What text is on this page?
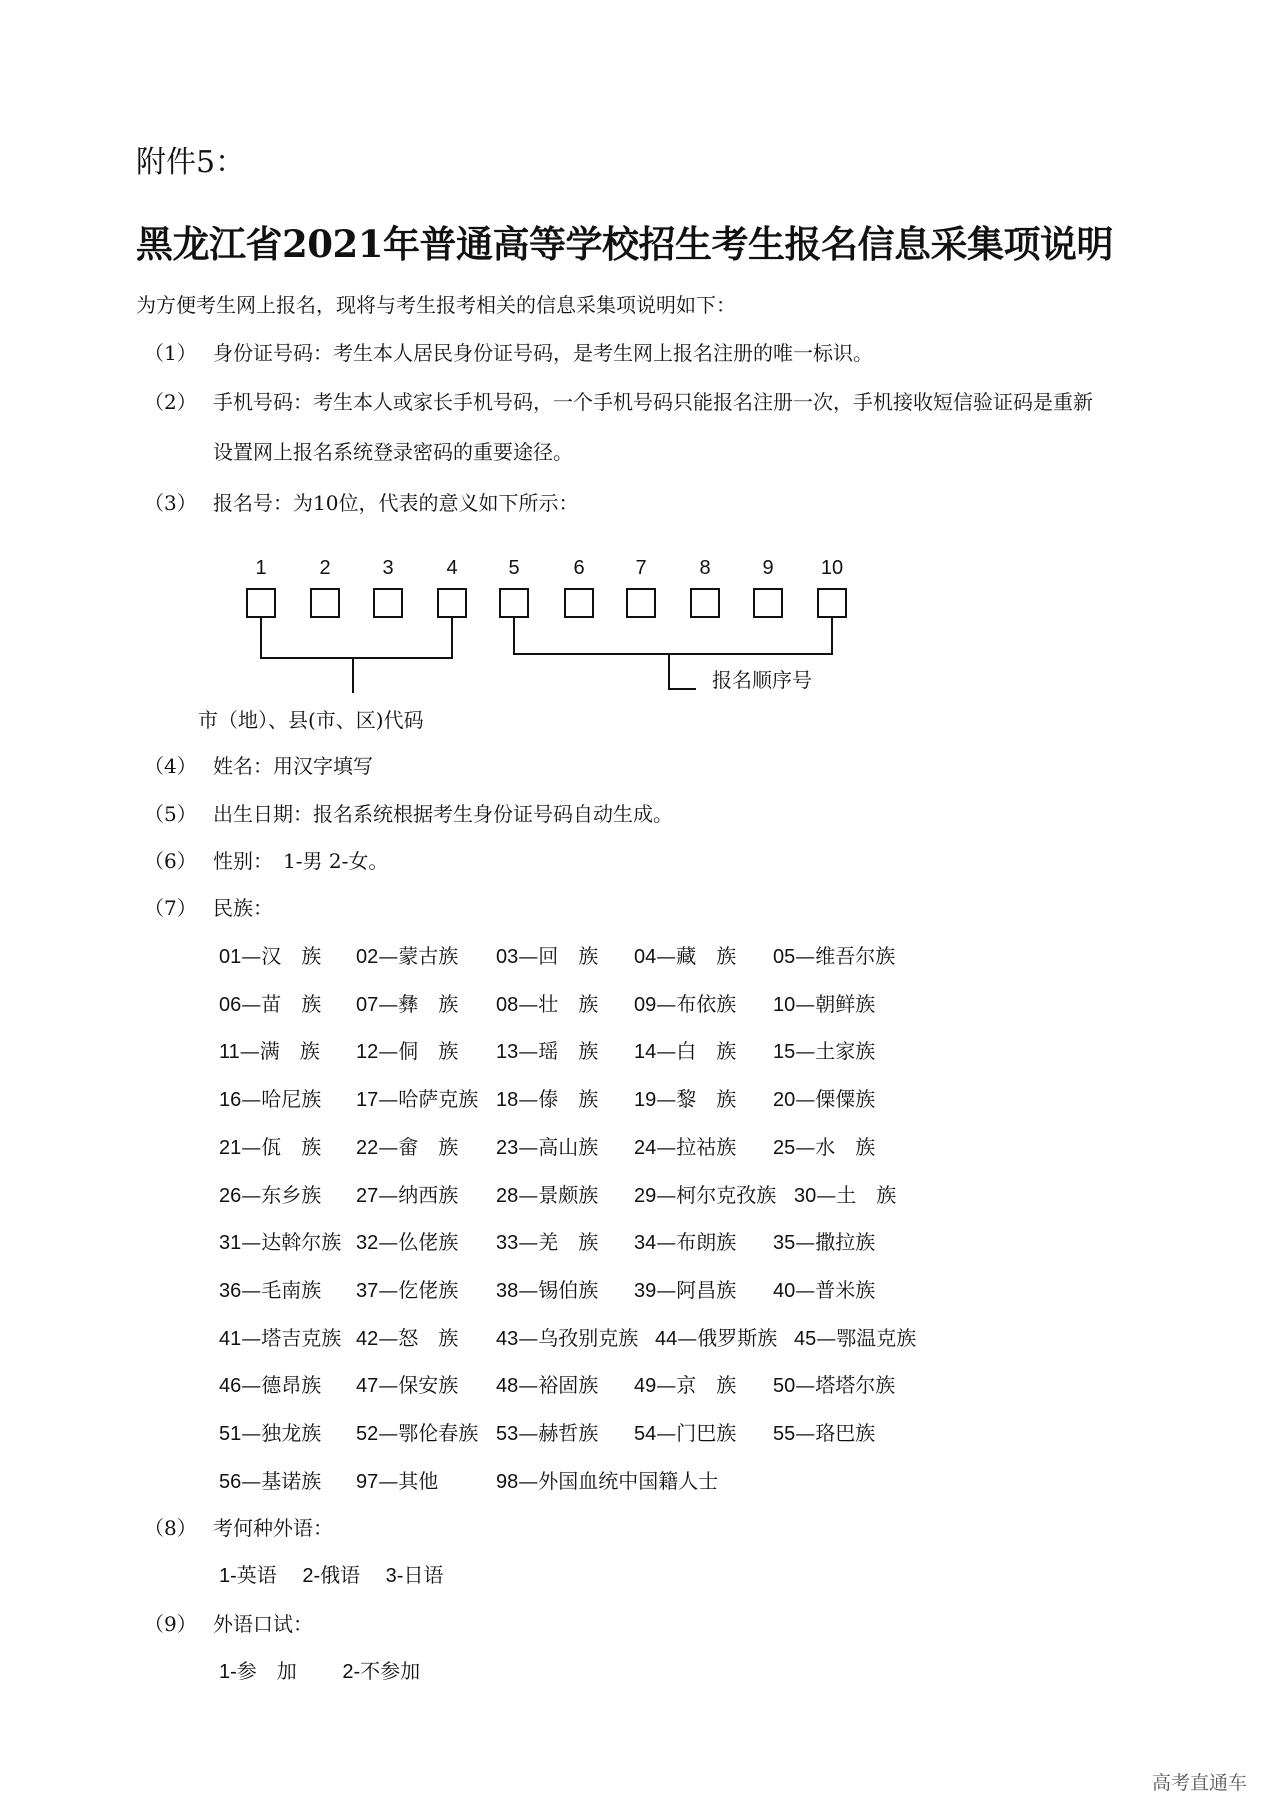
附件5：
黑龙江省2021年普通高等学校招生考生报名信息采集项说明
为方便考生网上报名，现将与考生报考相关的信息采集项说明如下：
（1） 身份证号码：考生本人居民身份证号码，是考生网上报名注册的唯一标识。
（2） 手机号码：考生本人或家长手机号码，一个手机号码只能报名注册一次，手机接收短信验证码是重新
设置网上报名系统登录密码的重要途径。
（3） 报名号：为10位，代表的意义如下所示：
报名顺序号
市（地）、县(市、区)代码
1	2	3	4	5	6	7	8	9	10
（4） 姓名：用汉字填写
（5） 出生日期：报名系统根据考生身份证号码自动生成。
（6） 性别：　1-男 2-女。
（7） 民族：
01—汉　族 02—蒙古族 03—回　族 04—藏　族 05—维吾尔族
06—苗　族 07—彝　族 08—壮　族 09—布依族 10—朝鲜族
11—满　族 12—侗　族 13—瑶　族 14—白　族 15—土家族
16—哈尼族 17—哈萨克族 18—傣　族 19—黎　族 20—傈僳族
21—佤　族 22—畲　族 23—高山族 24—拉祜族 25—水　族
26—东乡族 27—纳西族 28—景颇族 29—柯尔克孜族 30—土　族
31—达斡尔族 32—仫佬族 33—羌　族 34—布朗族 35—撒拉族
36—毛南族 37—仡佬族 38—锡伯族 39—阿昌族 40—普米族
41—塔吉克族 42—怒　族 43—乌孜别克族 44—俄罗斯族 45—鄂温克族
46—德昂族 47—保安族 48—裕固族 49—京　族 50—塔塔尔族
51—独龙族 52—鄂伦春族 53—赫哲族 54—门巴族 55—珞巴族
56—基诺族 97—其他	98—外国血统中国籍人士
（8） 考何种外语：
1-英语　 2-俄语　 3-日语
（9） 外语口试：
1-参　加　　 2-不参加
高考直通车
